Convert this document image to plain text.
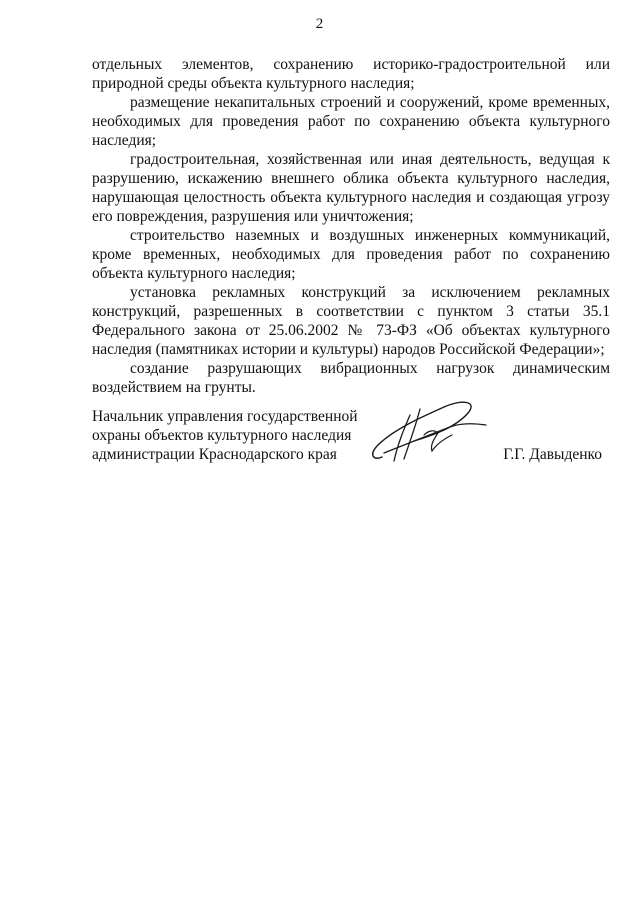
2

отдельных элементов, сохранению историко-градостроительной или природной среды объекта культурного наследия;

размещение некапитальных строений и сооружений, кроме временных, необходимых для проведения работ по сохранению объекта культурного наследия;

градостроительная, хозяйственная или иная деятельность, ведущая к разрушению, искажению внешнего облика объекта культурного наследия, нарушающая целостность объекта культурного наследия и создающая угрозу его повреждения, разрушения или уничтожения;

строительство наземных и воздушных инженерных коммуникаций, кроме временных, необходимых для проведения работ по сохранению объекта культурного наследия;

установка рекламных конструкций за исключением рекламных конструкций, разрешенных в соответствии с пунктом 3 статьи 35.1 Федерального закона от 25.06.2002 № 73-ФЗ «Об объектах культурного наследия (памятниках истории и культуры) народов Российской Федерации»;

создание разрушающих вибрационных нагрузок динамическим воздействием на грунты.

Начальник управления государственной
охраны объектов культурного наследия
администрации Краснодарского края	Г.Г. Давыденко
